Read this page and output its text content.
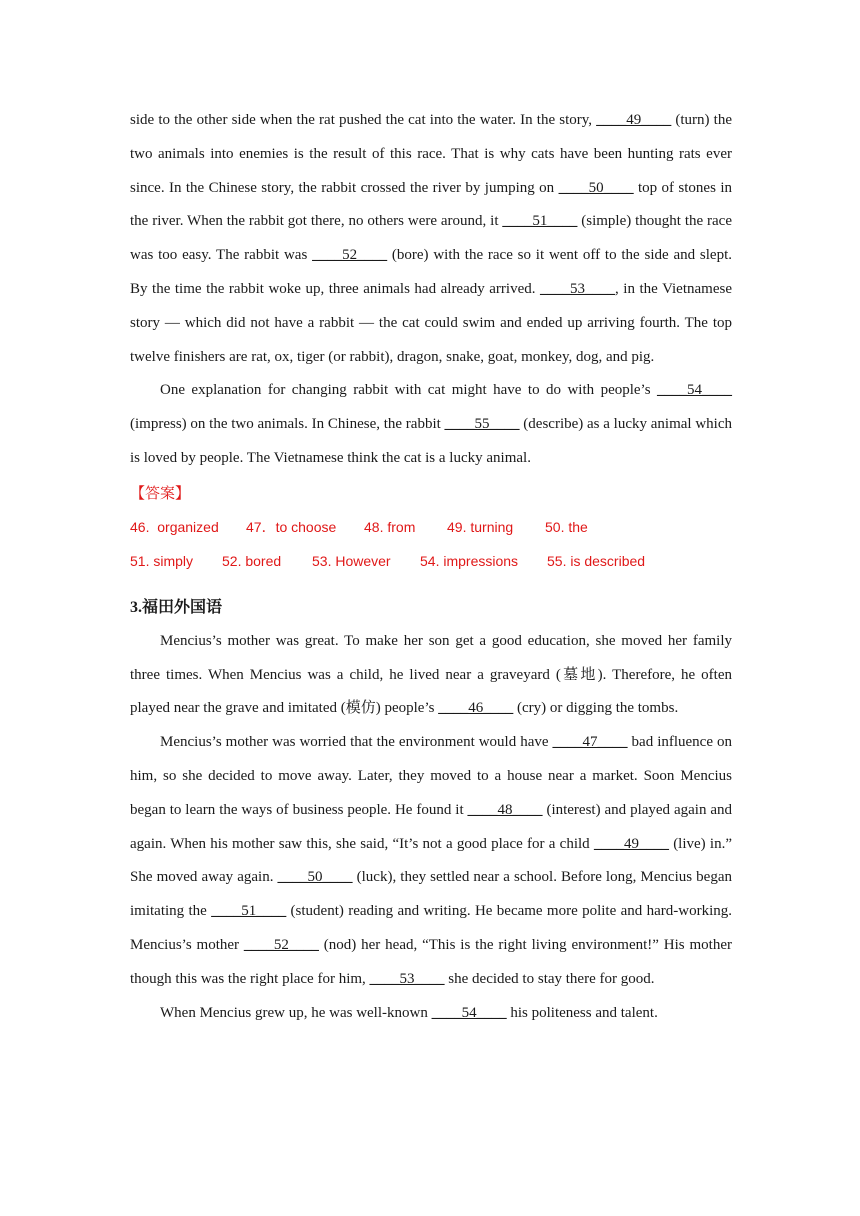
side to the other side when the rat pushed the cat into the water. In the story, ____49____ (turn) the two animals into enemies is the result of this race. That is why cats have been hunting rats ever since. In the Chinese story, the rabbit crossed the river by jumping on ____50____ top of stones in the river. When the rabbit got there, no others were around, it ____51____ (simple) thought the race was too easy. The rabbit was ____52____ (bore) with the race so it went off to the side and slept. By the time the rabbit woke up, three animals had already arrived. ____53____, in the Vietnamese story — which did not have a rabbit — the cat could swim and ended up arriving fourth. The top twelve finishers are rat, ox, tiger (or rabbit), dragon, snake, goat, monkey, dog, and pig.

One explanation for changing rabbit with cat might have to do with people’s ____54____ (impress) on the two animals. In Chinese, the rabbit ____55____ (describe) as a lucky animal which is loved by people. The Vietnamese think the cat is a lucky animal.

【答案】

46.  organized 47．to choose 48. from 49. turning 50. the
51. simply 52. bored 53. However 54. impressions 55. is described

3.福田外国语

Mencius’s mother was great. To make her son get a good education, she moved her family three times. When Mencius was a child, he lived near a graveyard (墓地). Therefore, he often played near the grave and imitated (模仿) people’s ____46____ (cry) or digging the tombs.

Mencius’s mother was worried that the environment would have ____47____ bad influence on him, so she decided to move away. Later, they moved to a house near a market. Soon Mencius began to learn the ways of business people. He found it ____48____ (interest) and played again and again. When his mother saw this, she said, “It’s not a good place for a child ____49____ (live) in.” She moved away again. ____50____ (luck), they settled near a school. Before long, Mencius began imitating the ____51____ (student) reading and writing. He became more polite and hard-working. Mencius’s mother ____52____ (nod) her head, “This is the right living environment!” His mother though this was the right place for him, ____53____ she decided to stay there for good.

When Mencius grew up, he was well-known ____54____ his politeness and talent.
